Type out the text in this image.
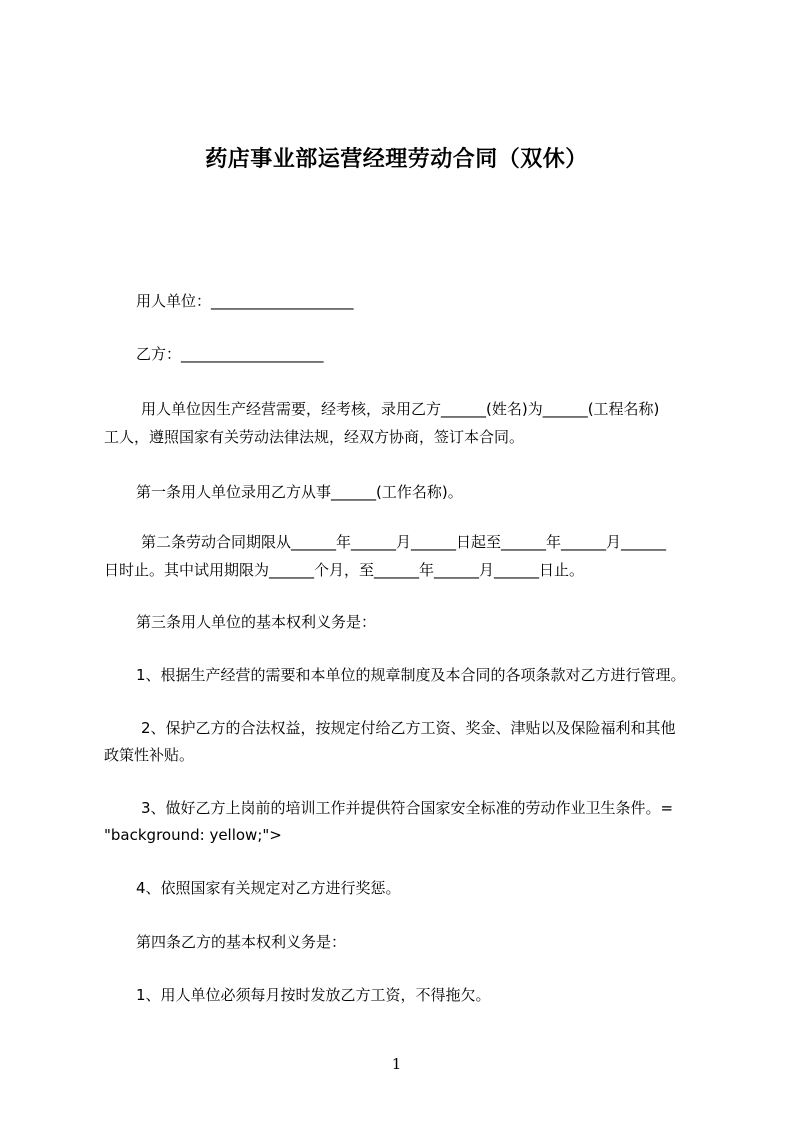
药店事业部运营经理劳动合同（双休）
用人单位：___________________
乙方：___________________
用人单位因生产经营需要，经考核，录用乙方______(姓名)为______(工程名称)
工人，遵照国家有关劳动法律法规，经双方协商，签订本合同。
第一条用人单位录用乙方从事______(工作名称)。
第二条劳动合同期限从______年______月______日起至______年______月______
日时止。其中试用期限为______个月，至______年______月______日止。
第三条用人单位的基本权利义务是：
1、根据生产经营的需要和本单位的规章制度及本合同的各项条款对乙方进行管理。
2、保护乙方的合法权益，按规定付给乙方工资、奖金、津贴以及保险福利和其他
政策性补贴。
3、做好乙方上岗前的培训工作并提供符合国家安全标准的劳动作业卫生条件。=
"background: yellow;">
4、依照国家有关规定对乙方进行奖惩。
第四条乙方的基本权利义务是：
1、用人单位必须每月按时发放乙方工资，不得拖欠。
1
